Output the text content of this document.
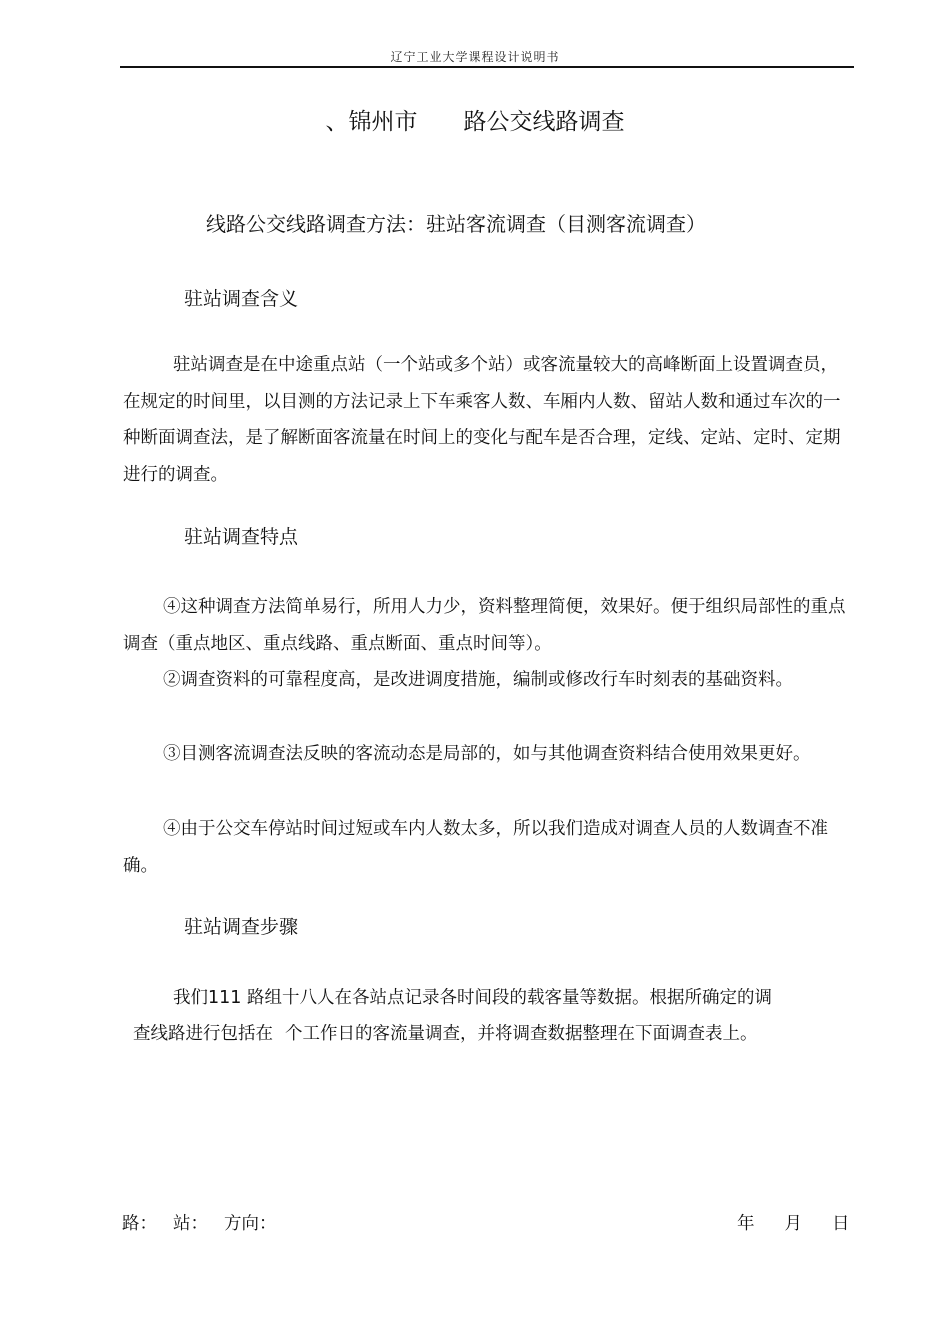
辽宁工业大学课程设计说明书
、锦州市 路公交线路调查
线路公交线路调查方法：驻站客流调查（目测客流调查）
驻站调查含义
驻站调查是在中途重点站（一个站或多个站）或客流量较大的高峰断面上设置调查员，在规定的时间里，以目测的方法记录上下车乘客人数、车厢内人数、留站人数和通过车次的一种断面调查法，是了解断面客流量在时间上的变化与配车是否合理，定线、定站、定时、定期进行的调查。
驻站调查特点
④这种调查方法简单易行，所用人力少，资料整理简便，效果好。便于组织局部性的重点调查（重点地区、重点线路、重点断面、重点时间等）。
②调查资料的可靠程度高，是改进调度措施，编制或修改行车时刻表的基础资料。
③目测客流调查法反映的客流动态是局部的，如与其他调查资料结合使用效果更好。
④由于公交车停站时间过短或车内人数太多，所以我们造成对调查人员的人数调查不准确。
驻站调查步骤
我们111 路组十八人在各站点记录各时间段的载客量等数据。根据所确定的调
查线路进行包括在 个工作日的客流量调查，并将调查数据整理在下面调查表上。
路： 站： 方向：	年 月 日
